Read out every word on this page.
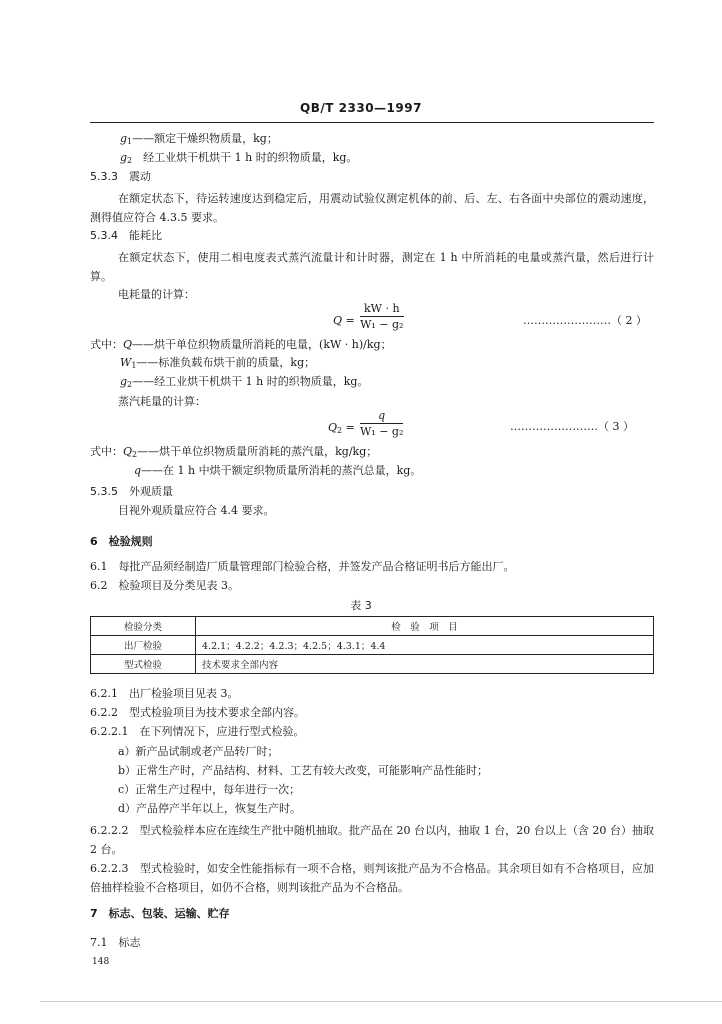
QB/T 2330—1997
$g_1——$额定干燥织物质量，kg；
$g_2$　 经工业烘干机烘干 1 h 时的织物质量，kg。
5.3.3　 震动
在额定状态下，待运转速度达到稳定后，用震动试验仪测定机体的前、后、左、右各面中央部位的震动速度，测得值应符合 4.3.5 要求。
5.3.4　 能耗比
在额定状态下，使用二相电度表式蒸汽流量计和计时器，测定在 1 h 中所消耗的电量或蒸汽量，然后进行计算。
电耗量的计算：
$Q = \frac{kW \cdot h}{\text{W₁ − g₂}}$	……………………（ 2 ）
式中：Q——烘干单位织物质量所消耗的电量，(kW · h)/kg；
$W_1——$标准负载布烘干前的质量，kg；
$g_2——$经工业烘干机烘干 1 h 时的织物质量，kg。
蒸汽耗量的计算：
$Q_2 = \frac{q}{\text{W₁ − g₂}}$	……………………（ 3 ）
式中：$Q_2——$烘干单位织物质量所消耗的蒸汽量，kg/kg；
q——在 1 h 中烘干额定织物质量所消耗的蒸汽总量，kg。
5.3.5　 外观质量
目视外观质量应符合 4.4 要求。
6　 检验规则
6.1　每批产品须经制造厂质量管理部门检验合格，并签发产品合格证明书后方能出厂。
6.2　检验项目及分类见表 3。
表 3
检验分类	检　验　项　目
出厂检验	4.2.1；4.2.2；4.2.3；4.2.5；4.3.1；4.4
型式检验	技术要求全部内容
6.2.1　出厂检验项目见表 3。
6.2.2　型式检验项目为技术要求全部内容。
6.2.2.1　在下列情况下，应进行型式检验。
a）新产品试制或老产品转厂时；
b）正常生产时，产品结构、材料、工艺有较大改变，可能影响产品性能时；
c）正常生产过程中，每年进行一次；
d）产品停产半年以上，恢复生产时。
6.2.2.2　型式检验样本应在连续生产批中随机抽取。批产品在 20 台以内，抽取 1 台，20 台以上（含 20 台）抽取 2 台。
6.2.2.3　型式检验时，如安全性能指标有一项不合格，则判该批产品为不合格品。其余项目如有不合格项目，应加倍抽样检验不合格项目，如仍不合格，则判该批产品为不合格品。
7　标志、包装、运输、贮存
7.1　标志
148
